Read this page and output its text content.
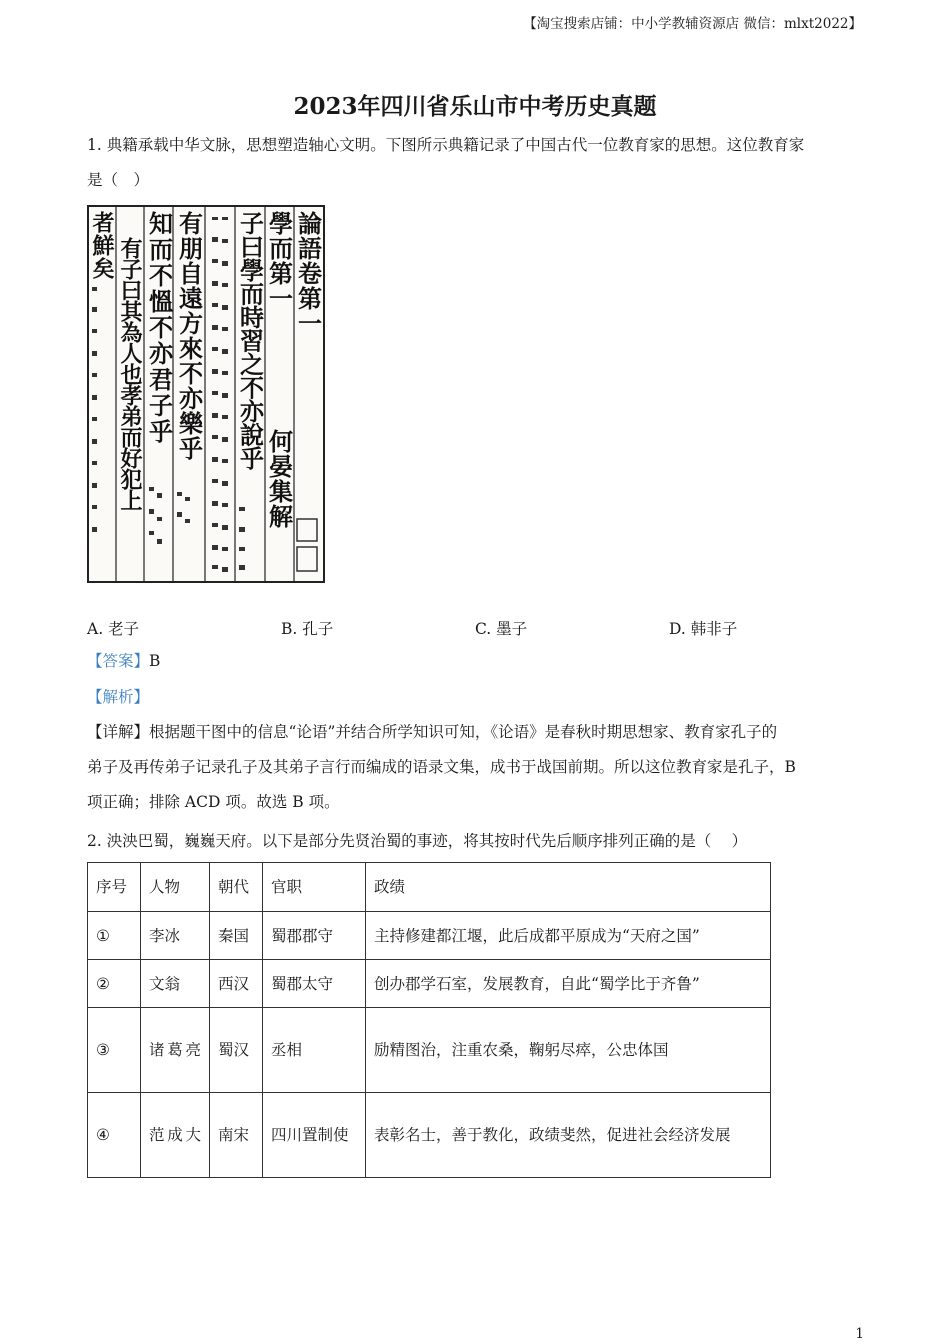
【淘宝搜索店铺：中小学教辅资源店 微信：mlxt2022】
2023年四川省乐山市中考历史真题
1. 典籍承载中华文脉，思想塑造轴心文明。下图所示典籍记录了中国古代一位教育家的思想。这位教育家
是（　）
論語卷第一
學而第一
何晏集解
子曰學而時習之不亦說乎
有朋自遠方來不亦樂乎
知而不慍不亦君子乎
有子曰其為人也孝弟而好犯上
者鮮矣
A. 老子	B. 孔子	C. 墨子	D. 韩非子
【答案】B
【解析】
【详解】根据题干图中的信息“论语”并结合所学知识可知，《论语》是春秋时期思想家、教育家孔子的
弟子及再传弟子记录孔子及其弟子言行而编成的语录文集，成书于战国前期。所以这位教育家是孔子，B
项正确；排除 ACD 项。故选 B 项。
2. 泱泱巴蜀，巍巍天府。以下是部分先贤治蜀的事迹，将其按时代先后顺序排列正确的是（　 ）
序号	人物	朝代	官职	政绩
①	李冰	秦国	蜀郡郡守	主持修建都江堰，此后成都平原成为“天府之国”
②	文翁	西汉	蜀郡太守	创办郡学石室，发展教育，自此“蜀学比于齐鲁”
③	诸葛亮	蜀汉	丞相	励精图治，注重农桑，鞠躬尽瘁，公忠体国
④	范成大	南宋	四川置制使	表彰名士，善于教化，政绩斐然，促进社会经济发展
1
